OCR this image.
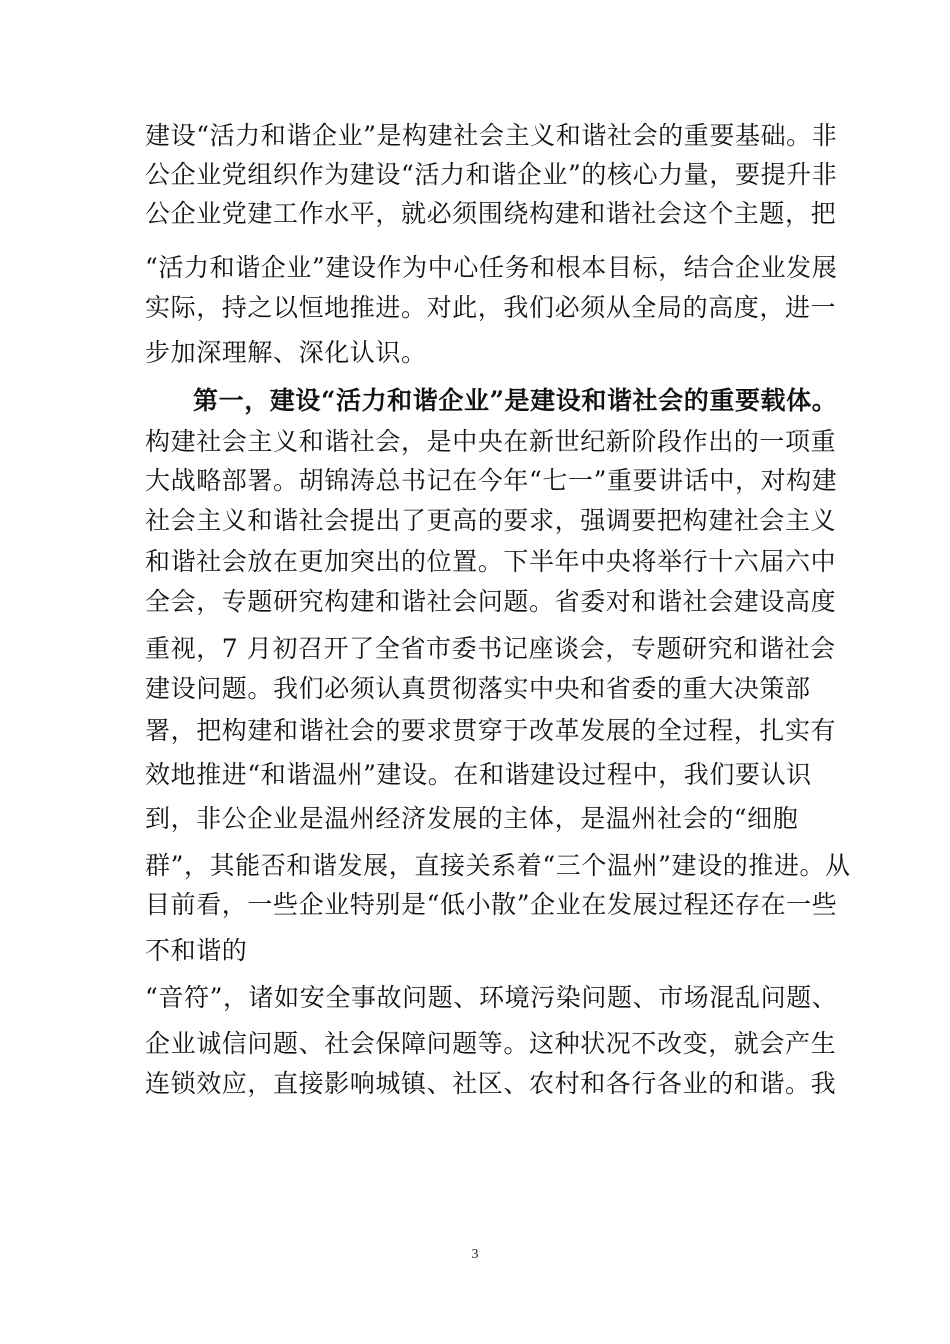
建设“活力和谐企业”是构建社会主义和谐社会的重要基础。非
公企业党组织作为建设“活力和谐企业”的核心力量，要提升非
公企业党建工作水平，就必须围绕构建和谐社会这个主题，把
“活力和谐企业”建设作为中心任务和根本目标，结合企业发展
实际，持之以恒地推进。对此，我们必须从全局的高度，进一
步加深理解、深化认识。
第一，建设“活力和谐企业”是建设和谐社会的重要载体。
构建社会主义和谐社会，是中央在新世纪新阶段作出的一项重
大战略部署。胡锦涛总书记在今年“七一”重要讲话中，对构建
社会主义和谐社会提出了更高的要求，强调要把构建社会主义
和谐社会放在更加突出的位置。下半年中央将举行十六届六中
全会，专题研究构建和谐社会问题。省委对和谐社会建设高度
重视，7 月初召开了全省市委书记座谈会，专题研究和谐社会
建设问题。我们必须认真贯彻落实中央和省委的重大决策部
署，把构建和谐社会的要求贯穿于改革发展的全过程，扎实有
效地推进“和谐温州”建设。在和谐建设过程中，我们要认识
到，非公企业是温州经济发展的主体，是温州社会的“细胞
群”，其能否和谐发展，直接关系着“三个温州”建设的推进。从
目前看，一些企业特别是“低小散”企业在发展过程还存在一些
不和谐的
“音符”，诸如安全事故问题、环境污染问题、市场混乱问题、
企业诚信问题、社会保障问题等。这种状况不改变，就会产生
连锁效应，直接影响城镇、社区、农村和各行各业的和谐。我
3
